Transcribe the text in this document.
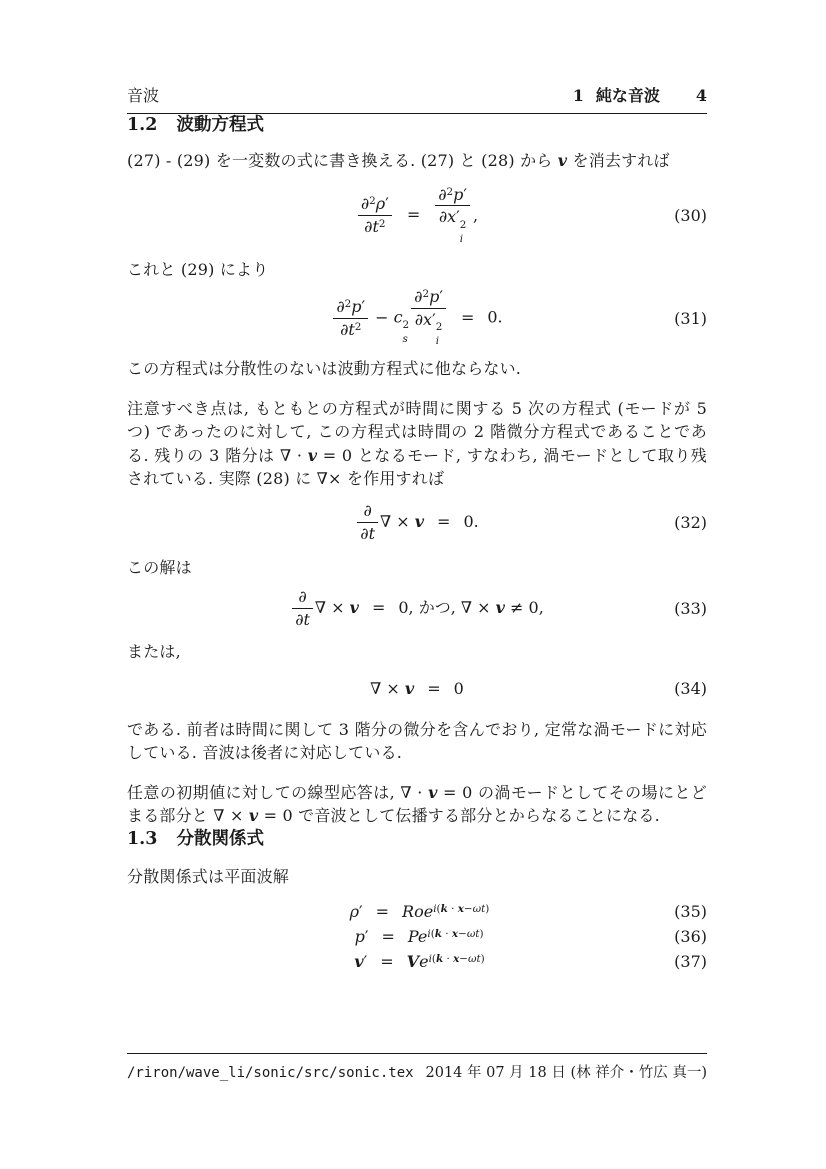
音波	1 純な音波 4
1.2 波動方程式

(27) - (29) を一変数の式に書き換える. (27) と (28) から v を消去すれば

$\frac{\partial^2\rho'}{\partial t^2} = \partial^2p'$
∂x′ 2
i ,	(30)

これと (29) により

$\frac{\partial^2p'}{\partial t^2} - c$ 2
s ∂$^2$p′
∂x′ 2
i = 0.	(31)

この方程式は分散性のないは波動方程式に他ならない.

注意すべき点は, もともとの方程式が時間に関する 5 次の方程式 (モードが 5 つ) であったのに対して, この方程式は時間の 2 階微分方程式であることである. 残りの 3 階分は ∇ · v = 0 となるモード, すなわち, 渦モードとして取り残されている. 実際 (28) に ∇× を作用すれば

$\frac{\partial}{\partial t}$ ∇ × v = 0.	(32)

この解は

$\frac{\partial}{\partial t}$ ∇ × v = 0, かつ, ∇ × v ≠ 0,	(33)

または,

∇ × v = 0	(34)

である. 前者は時間に関して 3 階分の微分を含んでおり, 定常な渦モードに対応している. 音波は後者に対応している.

任意の初期値に対しての線型応答は, ∇ · v = 0 の渦モードとしてその場にとどまる部分と ∇ × v = 0 で音波として伝播する部分とからなることになる.

1.3 分散関係式

分散関係式は平面波解

ρ′ = Roe$^{i(k \cdot x-\omega t)}$	(35)
$p' = Pe^{i(k \cdot x-\omega t)}$	(36)
$v' = Ve^{i(k \cdot x-\omega t)}$	(37)
/riron/wave_li/sonic/src/sonic.tex 2014 年 07 月 18 日 (林 祥介・竹広 真一)
